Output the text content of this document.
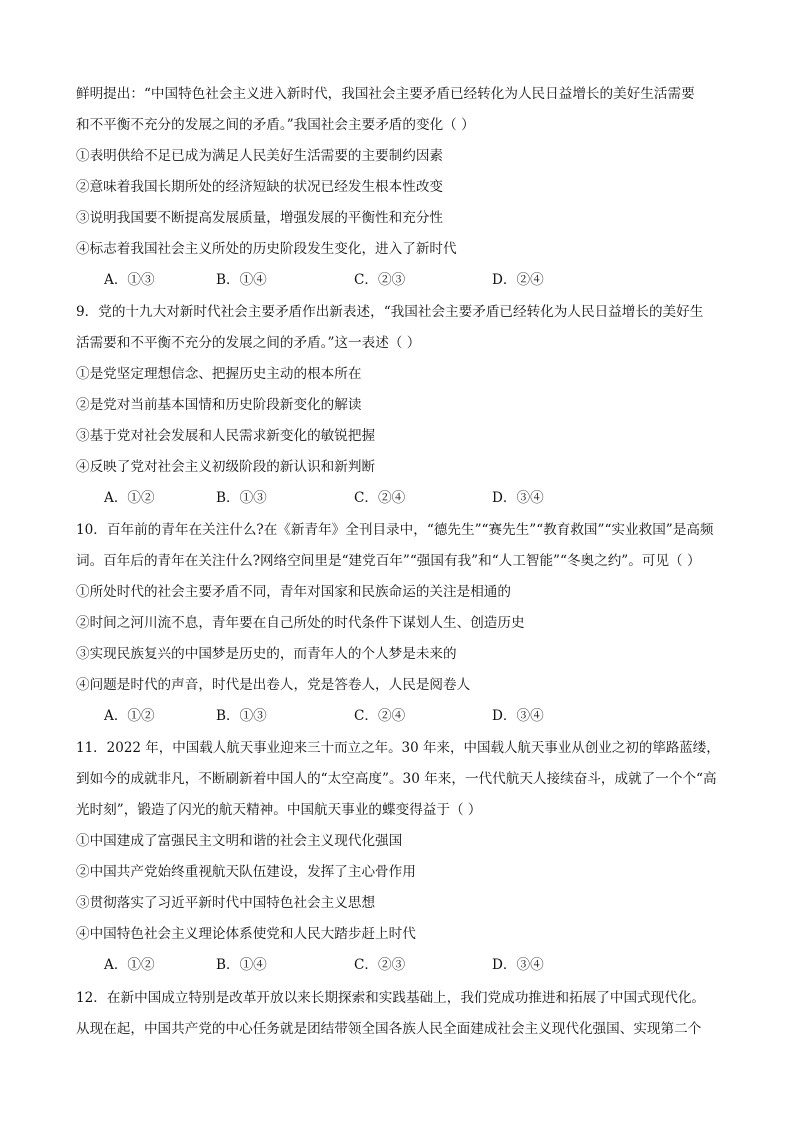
鲜明提出：“中国特色社会主义进入新时代，我国社会主要矛盾已经转化为人民日益增长的美好生活需要
和不平衡不充分的发展之间的矛盾。”我国社会主要矛盾的变化（ ）
①表明供给不足已成为满足人民美好生活需要的主要制约因素
②意味着我国长期所处的经济短缺的状况已经发生根本性改变
③说明我国要不断提高发展质量，增强发展的平衡性和充分性
④标志着我国社会主义所处的历史阶段发生变化，进入了新时代
A．①③	B．①④	C．②③	D．②④
9．党的十九大对新时代社会主要矛盾作出新表述，“我国社会主要矛盾已经转化为人民日益增长的美好生
活需要和不平衡不充分的发展之间的矛盾。”这一表述（ ）
①是党坚定理想信念、把握历史主动的根本所在
②是党对当前基本国情和历史阶段新变化的解读
③基于党对社会发展和人民需求新变化的敏锐把握
④反映了党对社会主义初级阶段的新认识和新判断
A．①②	B．①③	C．②④	D．③④
10．百年前的青年在关注什么?在《新青年》全刊目录中，“德先生”“赛先生”“教育救国”“实业救国”是高频
词。百年后的青年在关注什么?网络空间里是“建党百年”“强国有我”和“人工智能”“冬奥之约”。可见（ ）
①所处时代的社会主要矛盾不同，青年对国家和民族命运的关注是相通的
②时间之河川流不息，青年要在自己所处的时代条件下谋划人生、创造历史
③实现民族复兴的中国梦是历史的，而青年人的个人梦是未来的
④问题是时代的声音，时代是出卷人，党是答卷人，人民是阅卷人
A．①②	B．①③	C．②④	D．③④
11．2022 年，中国载人航天事业迎来三十而立之年。30 年来，中国载人航天事业从创业之初的筚路蓝缕，
到如今的成就非凡，不断刷新着中国人的“太空高度”。30 年来，一代代航天人接续奋斗，成就了一个个“高
光时刻”，锻造了闪光的航天精神。中国航天事业的蝶变得益于（ ）
①中国建成了富强民主文明和谐的社会主义现代化强国
②中国共产党始终重视航天队伍建设，发挥了主心骨作用
③贯彻落实了习近平新时代中国特色社会主义思想
④中国特色社会主义理论体系使党和人民大踏步赶上时代
A．①②	B．①④	C．②③	D．③④
12．在新中国成立特别是改革开放以来长期探索和实践基础上，我们党成功推进和拓展了中国式现代化。
从现在起，中国共产党的中心任务就是团结带领全国各族人民全面建成社会主义现代化强国、实现第二个
